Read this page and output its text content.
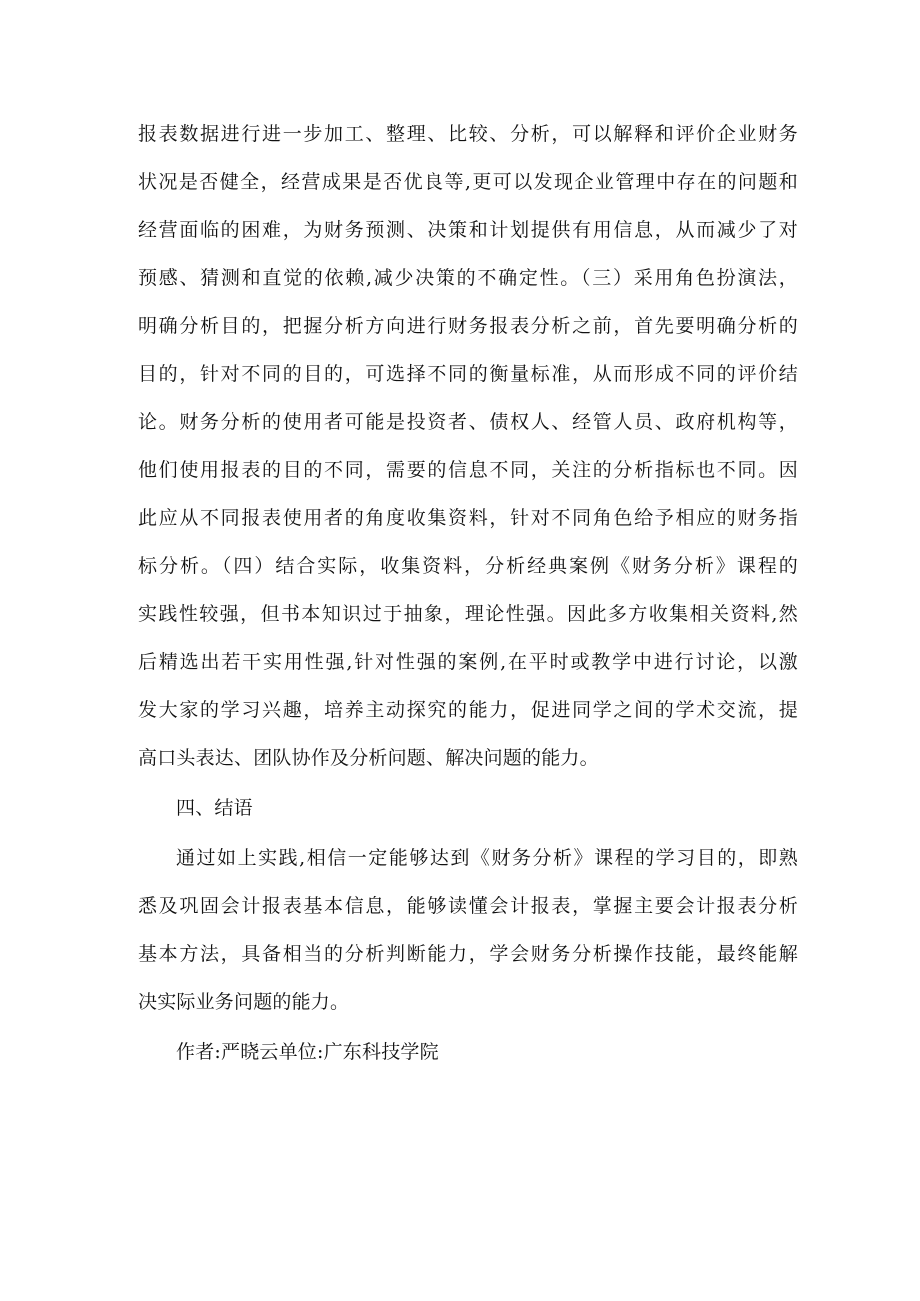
报表数据进行进一步加工、整理、比较、分析，可以解释和评价企业财务
状况是否健全，经营成果是否优良等,更可以发现企业管理中存在的问题和
经营面临的困难，为财务预测、决策和计划提供有用信息，从而减少了对
预感、猜测和直觉的依赖,减少决策的不确定性。（三）采用角色扮演法，
明确分析目的，把握分析方向进行财务报表分析之前，首先要明确分析的
目的，针对不同的目的，可选择不同的衡量标准，从而形成不同的评价结
论。财务分析的使用者可能是投资者、债权人、经管人员、政府机构等，
他们使用报表的目的不同，需要的信息不同，关注的分析指标也不同。因
此应从不同报表使用者的角度收集资料，针对不同角色给予相应的财务指
标分析。（四）结合实际，收集资料，分析经典案例《财务分析》课程的
实践性较强，但书本知识过于抽象，理论性强。因此多方收集相关资料,然
后精选出若干实用性强,针对性强的案例,在平时或教学中进行讨论，以激
发大家的学习兴趣，培养主动探究的能力，促进同学之间的学术交流，提
高口头表达、团队协作及分析问题、解决问题的能力。
四、结语
通过如上实践,相信一定能够达到《财务分析》课程的学习目的，即熟
悉及巩固会计报表基本信息，能够读懂会计报表，掌握主要会计报表分析
基本方法，具备相当的分析判断能力，学会财务分析操作技能，最终能解
决实际业务问题的能力。
作者:严晓云单位:广东科技学院
